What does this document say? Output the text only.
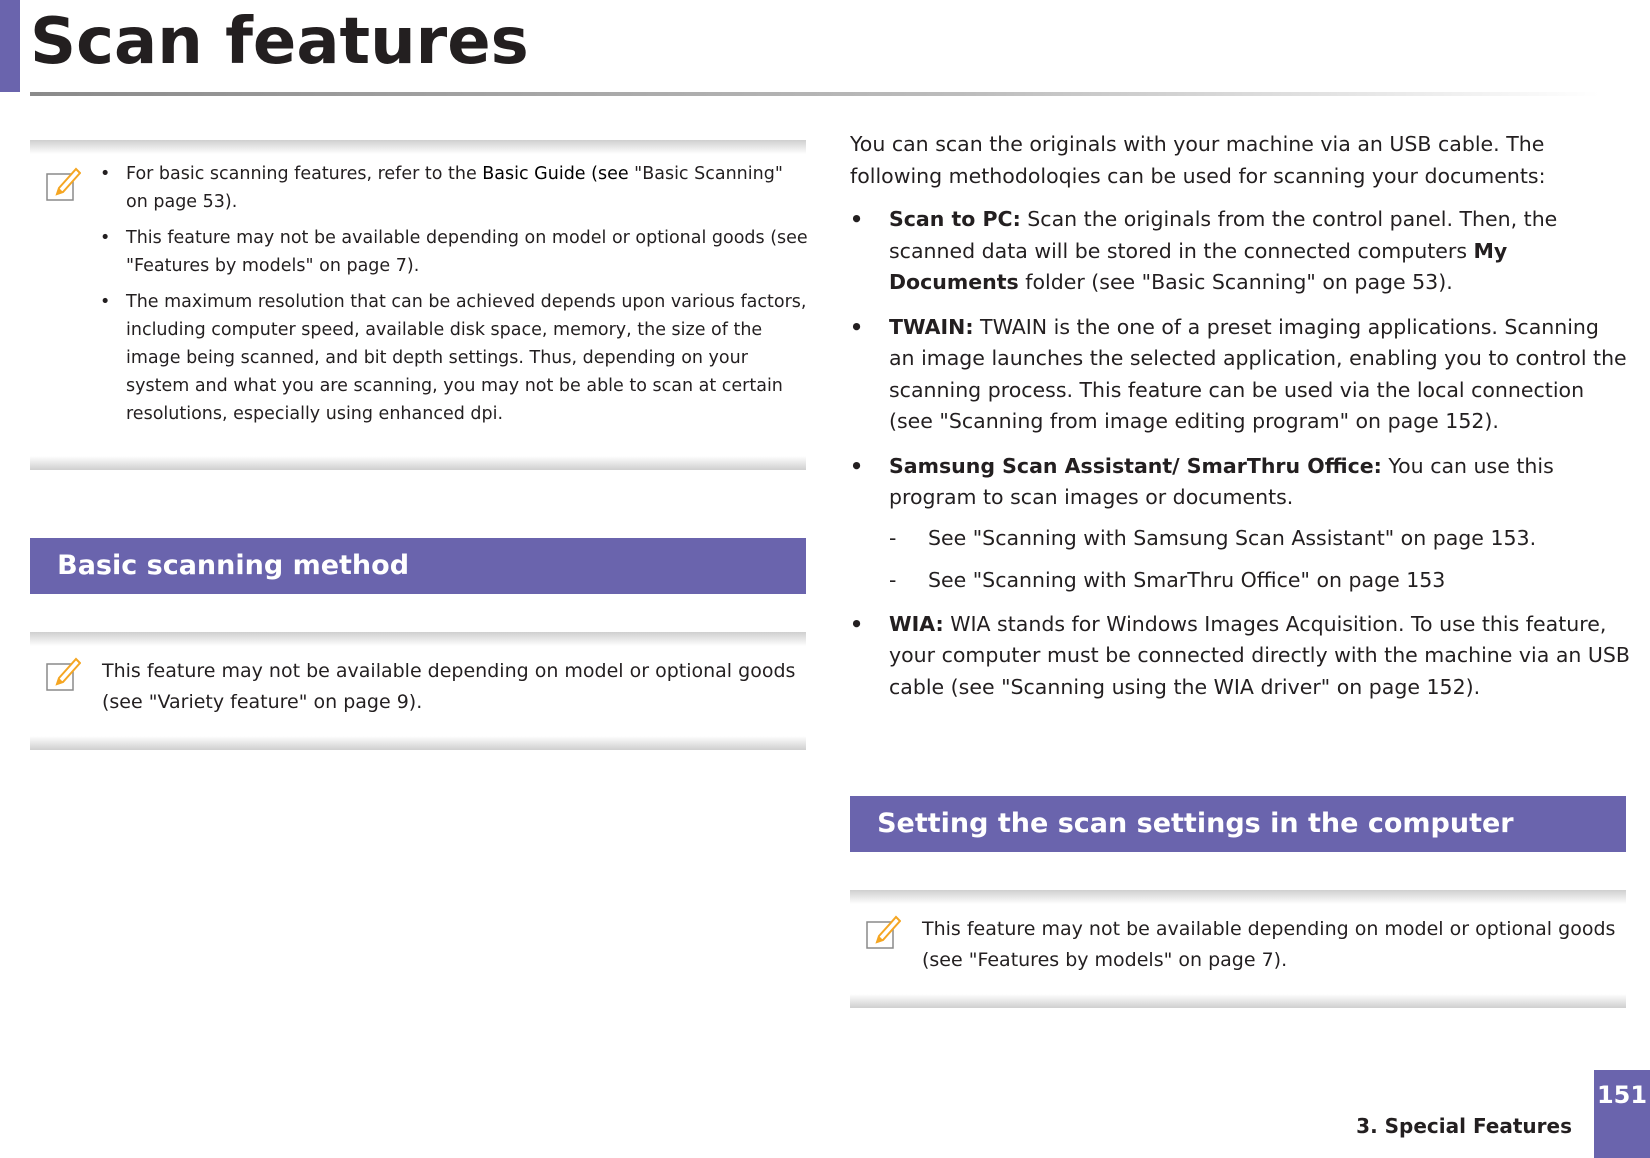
Scan features
• For basic scanning features, refer to the Basic Guide (see "Basic Scanning" on page 53).
• This feature may not be available depending on model or optional goods (see "Features by models" on page 7).
• The maximum resolution that can be achieved depends upon various factors, including computer speed, available disk space, memory, the size of the image being scanned, and bit depth settings. Thus, depending on your system and what you are scanning, you may not be able to scan at certain resolutions, especially using enhanced dpi.
1 Basic scanning method
This feature may not be available depending on model or optional goods (see "Variety feature" on page 9).

You can scan the originals with your machine via an USB cable. The following methodoloqies can be used for scanning your documents:

• Scan to PC: Scan the originals from the control panel. Then, the scanned data will be stored in the connected computers My Documents folder (see "Basic Scanning" on page 53).
• TWAIN: TWAIN is the one of a preset imaging applications. Scanning an image launches the selected application, enabling you to control the scanning process. This feature can be used via the local connection (see "Scanning from image editing program" on page 152).
• Samsung Scan Assistant/ SmarThru Office: You can use this program to scan images or documents.
- See "Scanning with Samsung Scan Assistant" on page 153.
- See "Scanning with SmarThru Office" on page 153
• WIA: WIA stands for Windows Images Acquisition. To use this feature, your computer must be connected directly with the machine via an USB cable (see "Scanning using the WIA driver" on page 152).
2 Setting the scan settings in the computer
This feature may not be available depending on model or optional goods (see "Features by models" on page 7).
3. Special Features
151
